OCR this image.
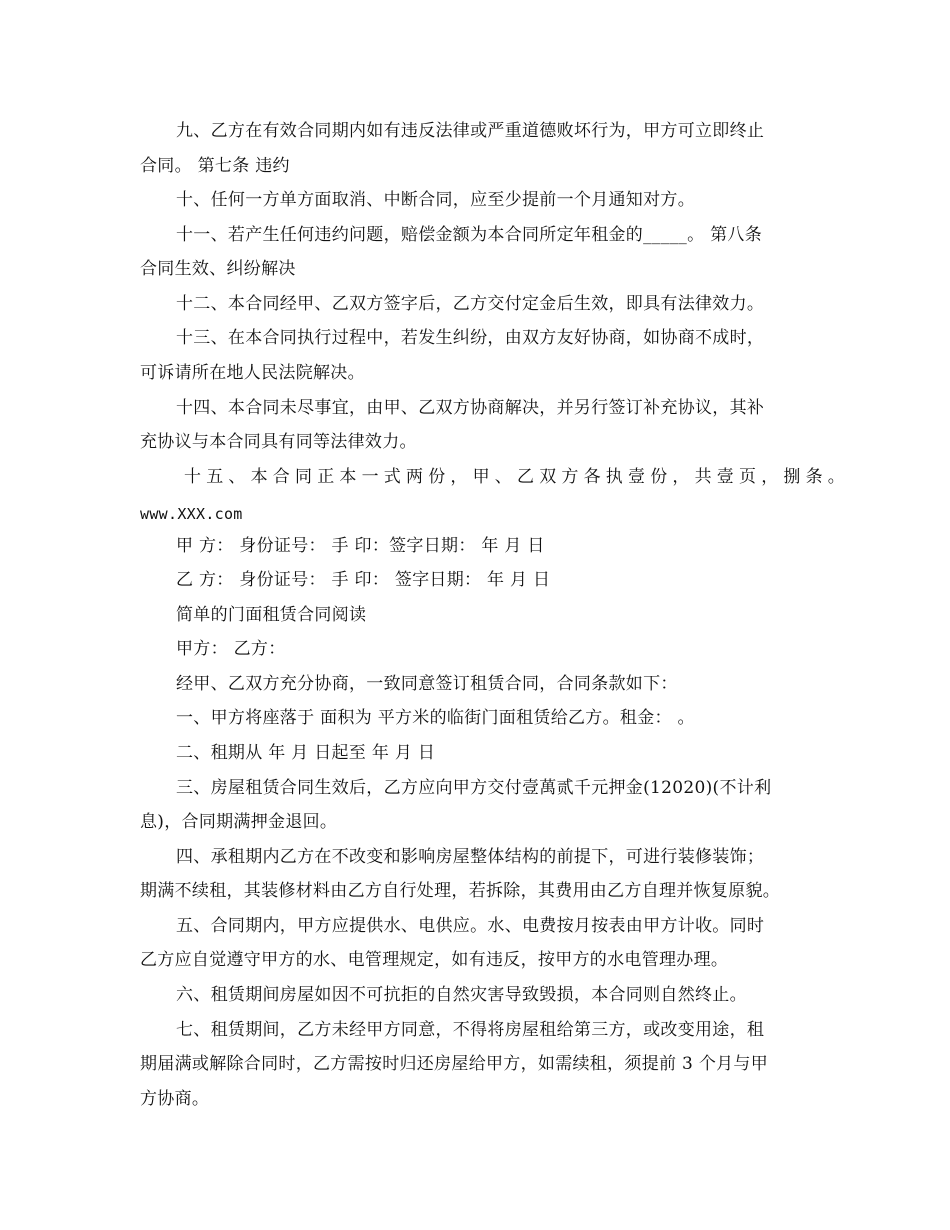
九、乙方在有效合同期内如有违反法律或严重道德败坏行为，甲方可立即终止
合同。 第七条 违约
十、任何一方单方面取消、中断合同，应至少提前一个月通知对方。
十一、若产生任何违约问题，赔偿金额为本合同所定年租金的_____。 第八条
合同生效、纠纷解决
十二、本合同经甲、乙双方签字后，乙方交付定金后生效，即具有法律效力。
十三、在本合同执行过程中，若发生纠纷，由双方友好协商，如协商不成时，
可诉请所在地人民法院解决。
十四、本合同未尽事宜，由甲、乙双方协商解决，并另行签订补充协议，其补
充协议与本合同具有同等法律效力。
十五、本合同正本一式两份，甲、乙双方各执壹份，共壹页，捌条。
www.XXX.com
甲 方： 身份证号： 手 印：签字日期： 年 月 日
乙 方： 身份证号： 手 印： 签字日期： 年 月 日
简单的门面租赁合同阅读
甲方： 乙方：
经甲、乙双方充分协商，一致同意签订租赁合同，合同条款如下：
一、甲方将座落于 面积为 平方米的临街门面租赁给乙方。租金： 。
二、租期从 年 月 日起至 年 月 日
三、房屋租赁合同生效后，乙方应向甲方交付壹萬贰千元押金(12020)(不计利
息)，合同期满押金退回。
四、承租期内乙方在不改变和影响房屋整体结构的前提下，可进行装修装饰；
期满不续租，其装修材料由乙方自行处理，若拆除，其费用由乙方自理并恢复原貌。
五、合同期内，甲方应提供水、电供应。水、电费按月按表由甲方计收。同时
乙方应自觉遵守甲方的水、电管理规定，如有违反，按甲方的水电管理办理。
六、租赁期间房屋如因不可抗拒的自然灾害导致毁损，本合同则自然终止。
七、租赁期间，乙方未经甲方同意，不得将房屋租给第三方，或改变用途，租
期届满或解除合同时，乙方需按时归还房屋给甲方，如需续租，须提前 3 个月与甲
方协商。
